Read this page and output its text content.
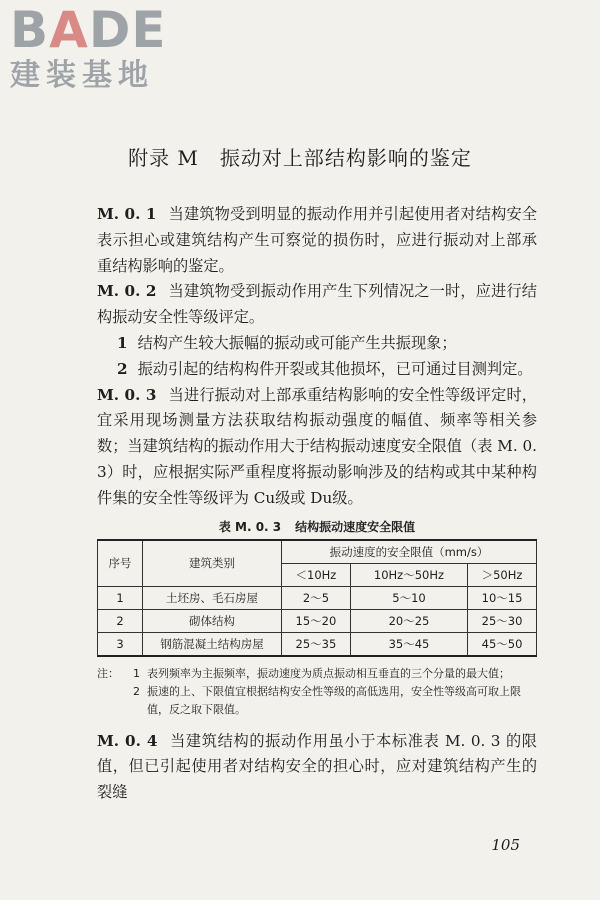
BADE
建装基地
附录 M　振动对上部结构影响的鉴定

M. 0. 1 当建筑物受到明显的振动作用并引起使用者对结构安全表示担心或建筑结构产生可察觉的损伤时，应进行振动对上部承重结构影响的鉴定。

M. 0. 2 当建筑物受到振动作用产生下列情况之一时，应进行结构振动安全性等级评定。

1 结构产生较大振幅的振动或可能产生共振现象；

2 振动引起的结构构件开裂或其他损坏，已可通过目测判定。

M. 0. 3 当进行振动对上部承重结构影响的安全性等级评定时，宜采用现场测量方法获取结构振动强度的幅值、频率等相关参数；当建筑结构的振动作用大于结构振动速度安全限值（表 M. 0. 3）时，应根据实际严重程度将振动影响涉及的结构或其中某种构件集的安全性等级评为 Cu级或 Du级。

表 M. 0. 3 结构振动速度安全限值
序号	建筑类别	振动速度的安全限值（mm/s）		
		＜10Hz	10Hz～50Hz	＞50Hz
1	土坯房、毛石房屋	2～5	5～10	10～15
2	砌体结构	15～20	20～25	25～30
3	钢筋混凝土结构房屋	25～35	35～45	45～50
注：	1 表列频率为主振频率，振动速度为质点振动相互垂直的三个分量的最大值；
2 振速的上、下限值宜根据结构安全性等级的高低选用，安全性等级高可取上限值，反之取下限值。

M. 0. 4 当建筑结构的振动作用虽小于本标准表 M. 0. 3 的限值，但已引起使用者对结构安全的担心时，应对建筑结构产生的裂缝

105
